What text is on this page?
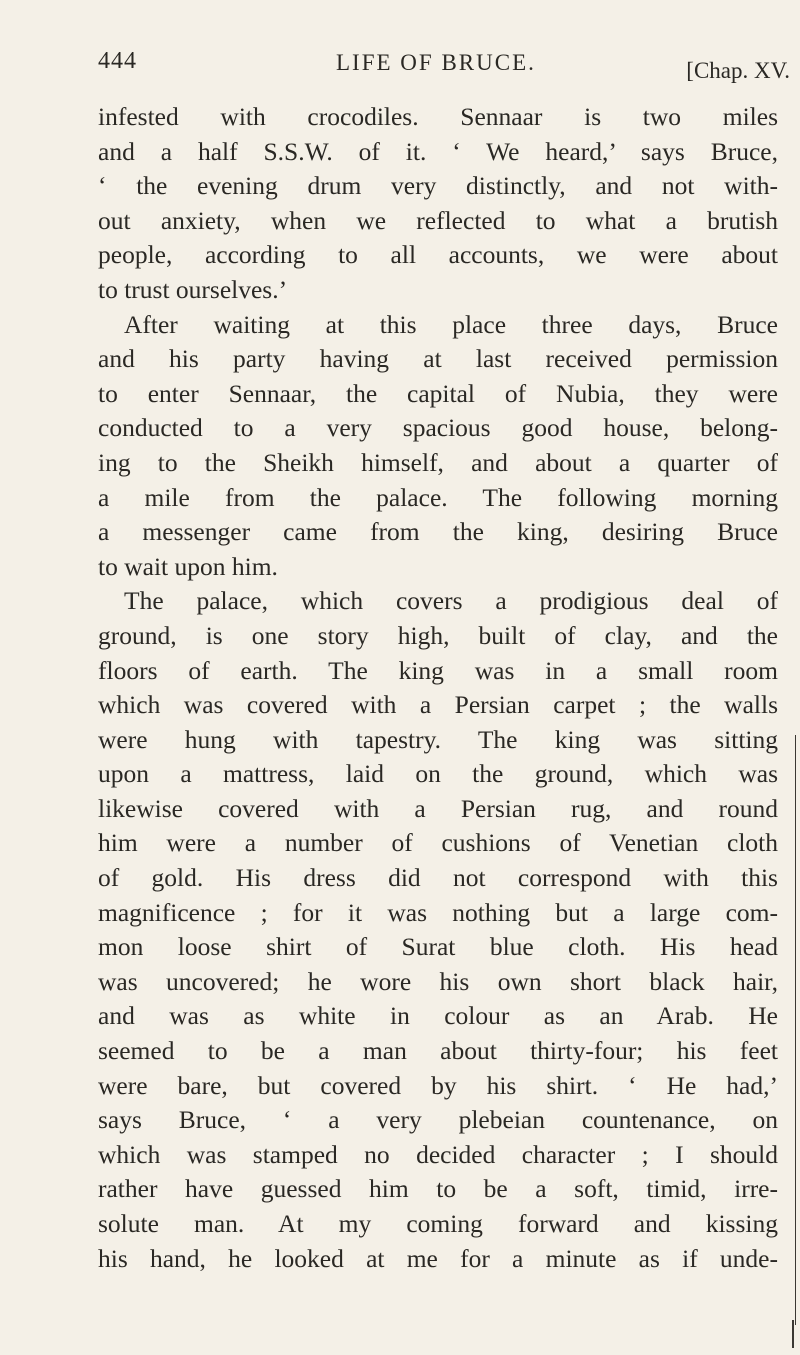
444	LIFE OF BRUCE.	[Chap. XV.
infested with crocodiles. Sennaar is two miles
and a half S.S.W. of it. ‘ We heard,’ says Bruce,
‘ the evening drum very distinctly, and not with-
out anxiety, when we reflected to what a brutish
people, according to all accounts, we were about
to trust ourselves.’
After waiting at this place three days, Bruce
and his party having at last received permission
to enter Sennaar, the capital of Nubia, they were
conducted to a very spacious good house, belong-
ing to the Sheikh himself, and about a quarter of
a mile from the palace. The following morning
a messenger came from the king, desiring Bruce
to wait upon him.
The palace, which covers a prodigious deal of
ground, is one story high, built of clay, and the
floors of earth. The king was in a small room
which was covered with a Persian carpet ; the walls
were hung with tapestry. The king was sitting
upon a mattress, laid on the ground, which was
likewise covered with a Persian rug, and round
him were a number of cushions of Venetian cloth
of gold. His dress did not correspond with this
magnificence ; for it was nothing but a large com-
mon loose shirt of Surat blue cloth. His head
was uncovered; he wore his own short black hair,
and was as white in colour as an Arab. He
seemed to be a man about thirty-four; his feet
were bare, but covered by his shirt. ‘ He had,’
says Bruce, ‘ a very plebeian countenance, on
which was stamped no decided character ; I should
rather have guessed him to be a soft, timid, irre-
solute man. At my coming forward and kissing
his hand, he looked at me for a minute as if unde-
